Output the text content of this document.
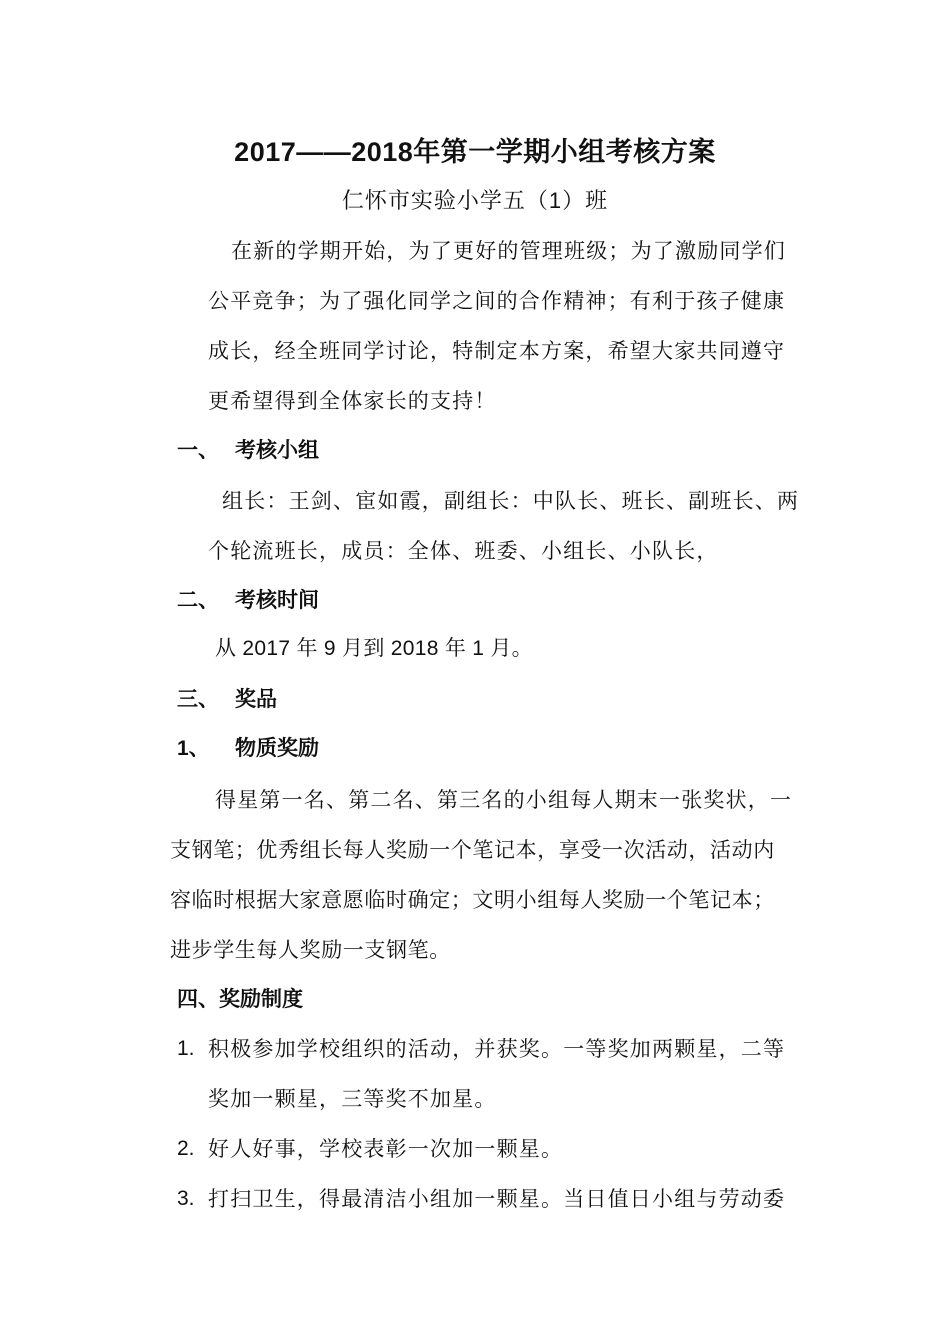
2017——2018年第一学期小组考核方案
仁怀市实验小学五（1）班
在新的学期开始，为了更好的管理班级；为了激励同学们
公平竞争；为了强化同学之间的合作精神；有利于孩子健康
成长，经全班同学讨论，特制定本方案，希望大家共同遵守
更希望得到全体家长的支持！
一、 考核小组
组长：王剑、宦如霞，副组长：中队长、班长、副班长、两
个轮流班长，成员：全体、班委、小组长、小队长，
二、 考核时间
从 2017 年 9 月到 2018 年 1 月。
三、 奖品
1、 物质奖励
得星第一名、第二名、第三名的小组每人期末一张奖状，一
支钢笔；优秀组长每人奖励一个笔记本，享受一次活动，活动内
容临时根据大家意愿临时确定；文明小组每人奖励一个笔记本；
进步学生每人奖励一支钢笔。
四、奖励制度
1. 积极参加学校组织的活动，并获奖。一等奖加两颗星，二等
奖加一颗星，三等奖不加星。
2. 好人好事，学校表彰一次加一颗星。
3. 打扫卫生，得最清洁小组加一颗星。当日值日小组与劳动委
